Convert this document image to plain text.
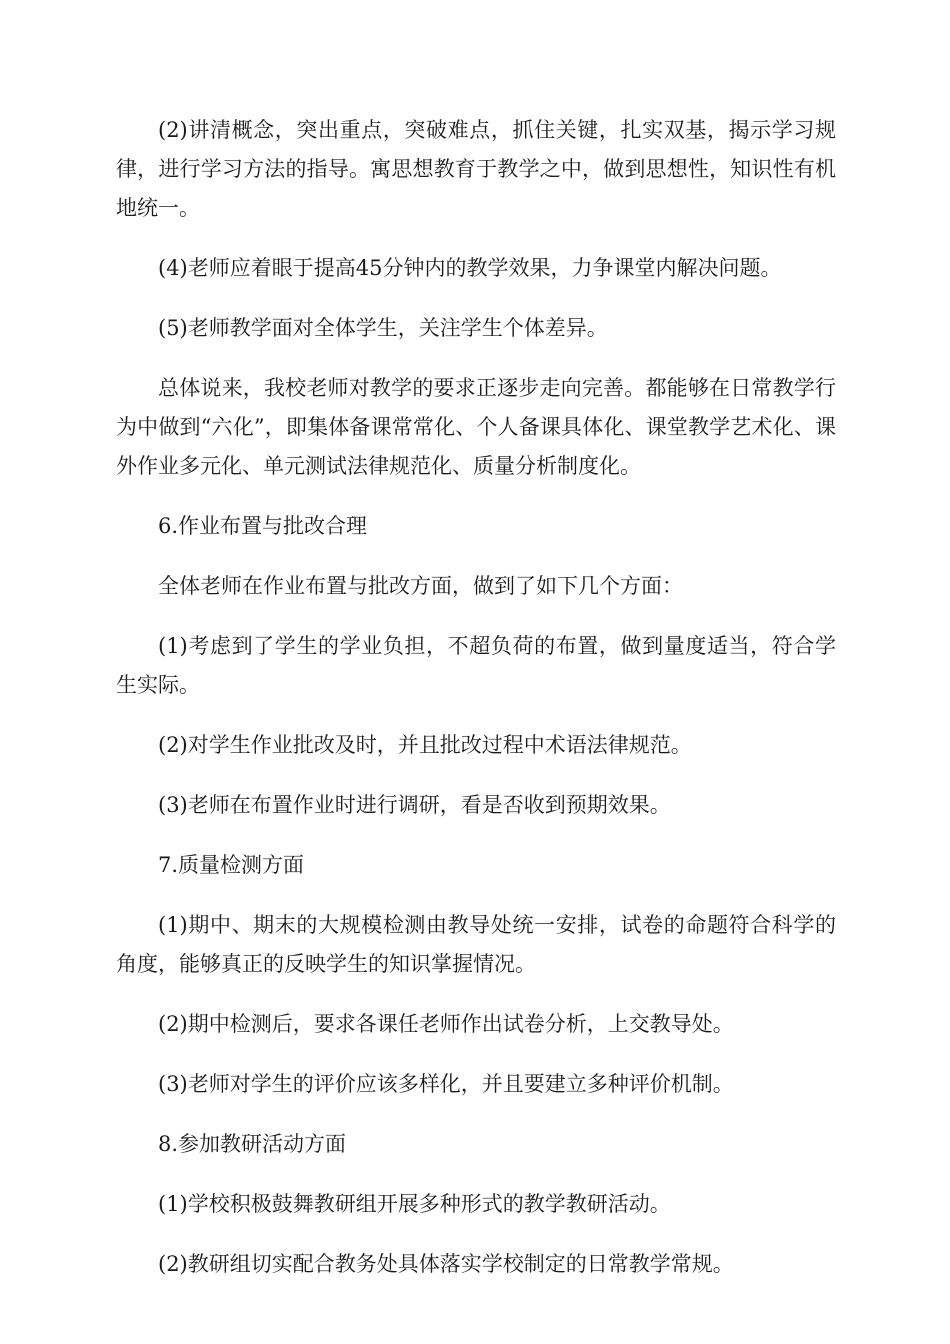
(2)讲清概念，突出重点，突破难点，抓住关键，扎实双基，揭示学习规律，进行学习方法的指导。寓思想教育于教学之中，做到思想性，知识性有机地统一。

(4)老师应着眼于提高45分钟内的教学效果，力争课堂内解决问题。

(5)老师教学面对全体学生，关注学生个体差异。

总体说来，我校老师对教学的要求正逐步走向完善。都能够在日常教学行为中做到“六化”，即集体备课常常化、个人备课具体化、课堂教学艺术化、课外作业多元化、单元测试法律规范化、质量分析制度化。

6.作业布置与批改合理

全体老师在作业布置与批改方面，做到了如下几个方面：

(1)考虑到了学生的学业负担，不超负荷的布置，做到量度适当，符合学生实际。

(2)对学生作业批改及时，并且批改过程中术语法律规范。

(3)老师在布置作业时进行调研，看是否收到预期效果。

7.质量检测方面

(1)期中、期末的大规模检测由教导处统一安排，试卷的命题符合科学的角度，能够真正的反映学生的知识掌握情况。

(2)期中检测后，要求各课任老师作出试卷分析，上交教导处。

(3)老师对学生的评价应该多样化，并且要建立多种评价机制。

8.参加教研活动方面

(1)学校积极鼓舞教研组开展多种形式的教学教研活动。

(2)教研组切实配合教务处具体落实学校制定的日常教学常规。
